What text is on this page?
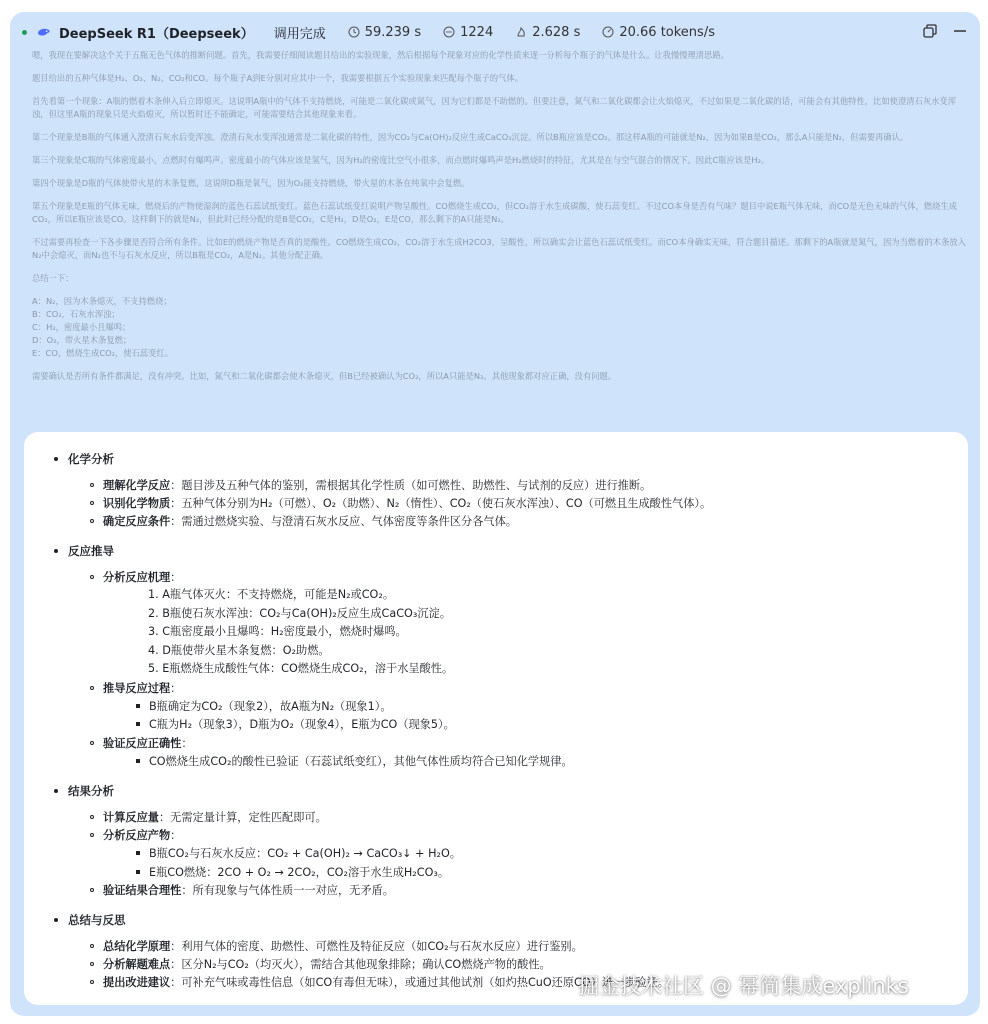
DeepSeek R1（Deepseek） 调用完成	59.239 s	1224	2.628 s	20.66 tokens/s

嗯，我现在要解决这个关于五瓶无色气体的推断问题。首先，我需要仔细阅读题目给出的实验现象，然后根据每个现象对应的化学性质来逐一分析每个瓶子的气体是什么。让我慢慢理清思路。

题目给出的五种气体是H₂、O₂、N₂、CO₂和CO。每个瓶子A到E分别对应其中一个，我需要根据五个实验现象来匹配每个瓶子的气体。

首先看第一个现象：A瓶的燃着木条伸入后立即熄灭。这说明A瓶中的气体不支持燃烧，可能是二氧化碳或氮气，因为它们都是不助燃的。但要注意，氮气和二氧化碳都会让火焰熄灭，不过如果是二氧化碳的话，可能会有其他特性，比如使澄清石灰水变浑浊，但这里A瓶的现象只是火焰熄灭，所以暂时还不能确定，可能需要结合其他现象来看。

第二个现象是B瓶的气体通入澄清石灰水后变浑浊。澄清石灰水变浑浊通常是二氧化碳的特性，因为CO₂与Ca(OH)₂反应生成CaCO₃沉淀。所以B瓶应该是CO₂。那这样A瓶的可能就是N₂，因为如果B是CO₂，那么A只能是N₂，但需要再确认。

第三个现象是C瓶的气体密度最小，点燃时有爆鸣声。密度最小的气体应该是氢气，因为H₂的密度比空气小很多，而点燃时爆鸣声是H₂燃烧时的特征，尤其是在与空气混合的情况下。因此C瓶应该是H₂。

第四个现象是D瓶的气体使带火星的木条复燃，这说明D瓶是氧气，因为O₂能支持燃烧，带火星的木条在纯氧中会复燃。

第五个现象是E瓶的气体无味，燃烧后的产物使湿润的蓝色石蕊试纸变红。蓝色石蕊试纸变红说明产物呈酸性。CO燃烧生成CO₂，但CO₂溶于水生成碳酸，使石蕊变红。不过CO本身是否有气味？题目中说E瓶气体无味，而CO是无色无味的气体，燃烧生成CO₂，所以E瓶应该是CO。这样剩下的就是N₂，但此时已经分配的是B是CO₂，C是H₂，D是O₂，E是CO，那么剩下的A只能是N₂。

不过需要再检查一下各步骤是否符合所有条件。比如E的燃烧产物是否真的是酸性。CO燃烧生成CO₂，CO₂溶于水生成H2CO3，呈酸性，所以确实会让蓝色石蕊试纸变红。而CO本身确实无味，符合题目描述。那剩下的A瓶就是氮气，因为当燃着的木条放入N₂中会熄灭，而N₂也不与石灰水反应，所以B瓶是CO₂，A是N₂。其他分配正确。

总结一下：

A：N₂，因为木条熄灭，不支持燃烧；
B：CO₂，石灰水浑浊；
C：H₂，密度最小且爆鸣；
D：O₂，带火星木条复燃；
E：CO，燃烧生成CO₂，使石蕊变红。

需要确认是否所有条件都满足，没有冲突。比如，氮气和二氧化碳都会使木条熄灭，但B已经被确认为CO₂，所以A只能是N₂。其他现象都对应正确，没有问题。

化学分析
理解化学反应 ：题目涉及五种气体的鉴别，需根据其化学性质（如可燃性、助燃性、与试剂的反应）进行推断。
识别化学物质 ：五种气体分别为H₂（可燃）、O₂（助燃）、N₂（惰性）、CO₂（使石灰水浑浊）、CO（可燃且生成酸性气体）。
确定反应条件 ：需通过燃烧实验、与澄清石灰水反应、气体密度等条件区分各气体。
反应推导
分析反应机理 ：
1. A瓶气体灭火：不支持燃烧，可能是N₂或CO₂。
2. B瓶使石灰水浑浊：CO₂与Ca(OH)₂反应生成CaCO₃沉淀。
3. C瓶密度最小且爆鸣：H₂密度最小，燃烧时爆鸣。
4. D瓶使带火星木条复燃：O₂助燃。
5. E瓶燃烧生成酸性气体：CO燃烧生成CO₂，溶于水呈酸性。
推导反应过程 ：
B瓶确定为CO₂（现象2），故A瓶为N₂（现象1）。
C瓶为H₂（现象3），D瓶为O₂（现象4），E瓶为CO（现象5）。
验证反应正确性 ：
CO燃烧生成CO₂的酸性已验证（石蕊试纸变红），其他气体性质均符合已知化学规律。
结果分析
计算反应量 ：无需定量计算，定性匹配即可。
分析反应产物 ：
B瓶CO₂与石灰水反应：CO₂ + Ca(OH)₂ → CaCO₃↓ + H₂O。
E瓶CO燃烧：2CO + O₂ → 2CO₂，CO₂溶于水生成H₂CO₃。
验证结果合理性 ：所有现象与气体性质一一对应，无矛盾。
总结与反思
总结化学原理 ：利用气体的密度、助燃性、可燃性及特征反应（如CO₂与石灰水反应）进行鉴别。
分析解题难点 ：区分N₂与CO₂（均灭火），需结合其他现象排除；确认CO燃烧产物的酸性。
提出改进建议 ：可补充气味或毒性信息（如CO有毒但无味），或通过其他试剂（如灼热CuO还原CO）进一步验证。
掘金技术社区 @ 幂简集成explinks
